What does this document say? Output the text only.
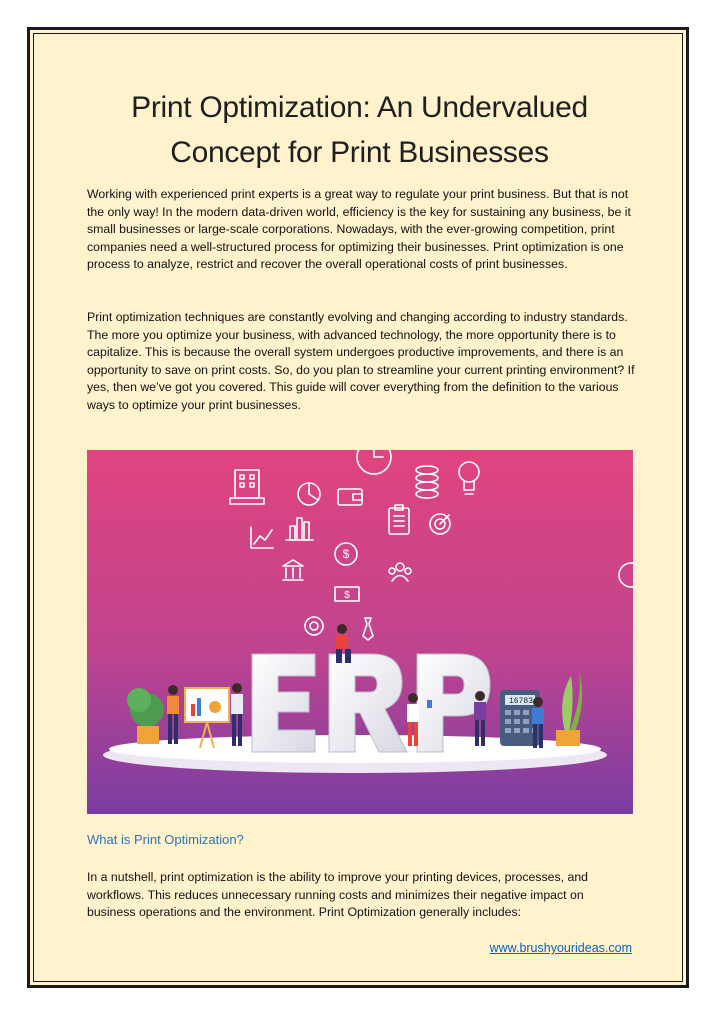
Print Optimization: An Undervalued
Concept for Print Businesses
Working with experienced print experts is a great way to regulate your print business. But that is not the only way! In the modern data-driven world, efficiency is the key for sustaining any business, be it small businesses or large-scale corporations. Nowadays, with the ever-growing competition, print companies need a well-structured process for optimizing their businesses. Print optimization is one process to analyze, restrict and recover the overall operational costs of print businesses.
Print optimization techniques are constantly evolving and changing according to industry standards. The more you optimize your business, with advanced technology, the more opportunity there is to capitalize. This is because the overall system undergoes productive improvements, and there is an opportunity to save on print costs. So, do you plan to streamline your current printing environment? If yes, then we’ve got you covered. This guide will cover everything from the definition to the various ways to optimize your print businesses.
$
$
16783
What is Print Optimization?
In a nutshell, print optimization is the ability to improve your printing devices, processes, and workflows. This reduces unnecessary running costs and minimizes their negative impact on business operations and the environment. Print Optimization generally includes:
www.brushyourideas.com
